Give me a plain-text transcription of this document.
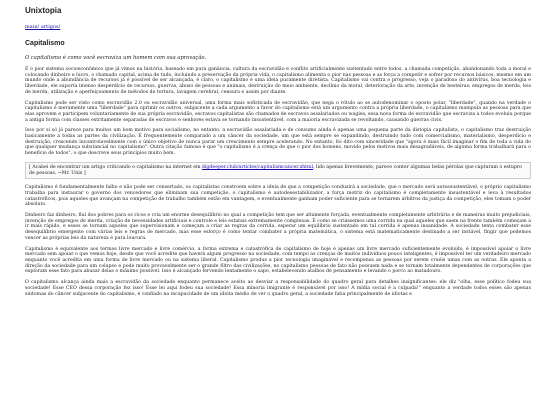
Unixtopia
main/ artigos/
Capitalismo
O capitalismo é como você escraviza um homem com sua aprovação.

É o pior sistema socioeconômico que já vimos na história, baseado em pura ganância, cultura da escravidão e conflito artificialmente sustentado entre todos, a chamada competição, abandonando toda a moral e colocando dinheiro e lucro, o chamado capital, acima de tudo, incluindo a preservação da própria vida, o capitalismo alimenta o pior nas pessoas e as força a competir e sofrer por recursos básicos, mesmo em um mundo onde a abundância de recursos já é possível de ser alcançada, é claro, o capitalismo é uma ideia puramente diretista. Capitalismo vai contra o progresso, veja o paradoxo do antivírus, boa tecnologia e liberdade, ele suporta imenso desperdício de recursos, guerras, abuso de pessoas e animais, destruição do meio ambiente, declínio da moral, deterioração da arte, invenção de besteiras: empregos de merda, leis de merda, utilização e aperfeiçoamento de métodos de tortura, lavagem cerebral, censura e assim por diante.

Capitalismo pode ser visto como escravidão 2.0 ou escravidão universal, uma forma mais sofisticada de escravidão, que nega o rótulo ao se autodenominar o oposto polar, "liberdade", quando na verdade o capitalismo é meramente uma "liberdade" para oprimir os outros, subjacente a cada argumento a favor do capitalismo está um argumento contra a própria liberdade, o capitalismo manipula as pessoas para que elas aprovem e participem voluntariamente de sua própria escravidão, escravos capitalistas são chamados de escravos assalariados ou wagies, essa nova forma de escravidão que escraviza a todos evoluiu porque a antiga forma com classes estritamente separadas de escravos e senhores estava se tornando insustentável, com a maioria escravizada se revoltando, causando guerras civis.

Isso por si só já parece para muitos um bom motivo para socialismo, no entanto, a escravidão assalariada e de consumo ainda é apenas uma pequena parte da distopia capitalista, o capitalismo traz destruição basicamente a todas as partes da civilização. É frequentemente comparado a um câncer da sociedade, um que está sempre se expandindo, destruindo tudo com comercialismo, materialismo, desperdício e destruição, crescendo incontrolavelmente com o único objetivo de nunca parar um crescimento sempre acelerando. No entanto, foi dito com sinceridade que "agora é mais fácil imaginar o fim de toda a vida do que qualquer mudança substancial no capitalismo". Outra citação famosa é que "o capitalismo é a crença de que o pior dos homens, movido pelos motivos mais desagradáveis, de alguma forma trabalhará para o benefício de todos", o que descreve seus princípios muito bem.

[ Acabei de encontrar um artigo criticando o capitalismo na internet em digdeeper.club/articles/capitalismcancer.xhtml, lido apenas brevemente, parece conter algumas belas pérolas que capturam o estupro de pessoas. ~Mr. Unix ]

Capitalismo é fundamentalmente falho e não pode ser consertado, os capitalistas constroem sobre a ideia de que a competição conduzirá a sociedade, que o mercado será autossustentável, o próprio capitalismo trabalha para instaurar o governo dos vencedores que eliminam sua competição, o capitalismo é autodesestabilizador, a força motriz do capitalismo é completamente insustentável e leva à resultados catastróficos, pois aqueles que avançam na competição de trabalho também estão em vantagem, e eventualmente ganham poder suficiente para se tornarem árbitros da justiça da competição, eles tomam o poder absoluto.

Dinheiro faz dinheiro, flui dos pobres para os ricos e cria um enorme desequilíbrio no qual a competição tem que ser altamente forçada, eventualmente completamente arbitrária e de maneiras muito prejudiciais, invenção de empregos de merda, criação de necessidades artificiais e controle e leis estatais extremamente complexas. É como se criássemos uma corrida na qual aqueles que saem na frente também começam a ir mais rápido, e esses se tornam aqueles que supervisionam e começam a criar as regras da corrida, esperar um equilíbrio sustentado em tal corrida é apenas insanidade. A sociedade tenta combater esse desequilíbrio emergente com várias leis e regras de mercado, mas esse esforço é como tentar combater a própria matemática, o sistema está matematicamente destinado a ser instável, fingir que podemos vencer as próprias leis da natureza é pura loucura.

Capitalismo é equivalente aos termos livre mercado e livre comércio, a forma extrema e catastrófica de capitalismo de hoje é apenas um livre mercado suficientemente evoluído, é impossível apoiar o livre mercado sem apoiar o que vemos hoje, desde que você acredite que haverá algum progresso na sociedade, com tempo as crenças de muitos indivíduos pouco inteligentes, é impossível ter um verdadeiro mercado enquanto você acredita em uma forma de livre mercado ou na sistema liberal. Capitalismo produz a pior tecnologia imaginável e recompensa as pessoas por serem cruéis umas com as outras. Ele aponta a direção da sociedade para um colapso e pode muito provavelmente ser o grande filtro das civilizações, no capitalismo pessoas de fato não possuem nada e se tornam totalmente dependentes de corporações que exploram esse fato para abusar delas o máximo possível. Isso é alcançado fervendo lentamente o sapo, estabelecendo atalhos de pensamento e levando o porco ao matadouro.

O capitalismo alcança ainda mais a escravidão da sociedade enquanto permanece aceito ao desviar a responsabilidade do quadro geral para detalhes insignificantes: ele diz "olha, esse político fodeu sua sociedade! Esse CEO dessa corporação fez isso! Esse lei aqui fodeu sua sociedade! Essa minoria imigrante é responsável por isso! A mídia social é a culpada!" enquanto a verdade todos esses são apenas sintomas do câncer subjacente do capitalismo, é confiado na incapacidade de um idiota médio de ver o quadro geral, a sociedade fatia principalmente de idiotas e
